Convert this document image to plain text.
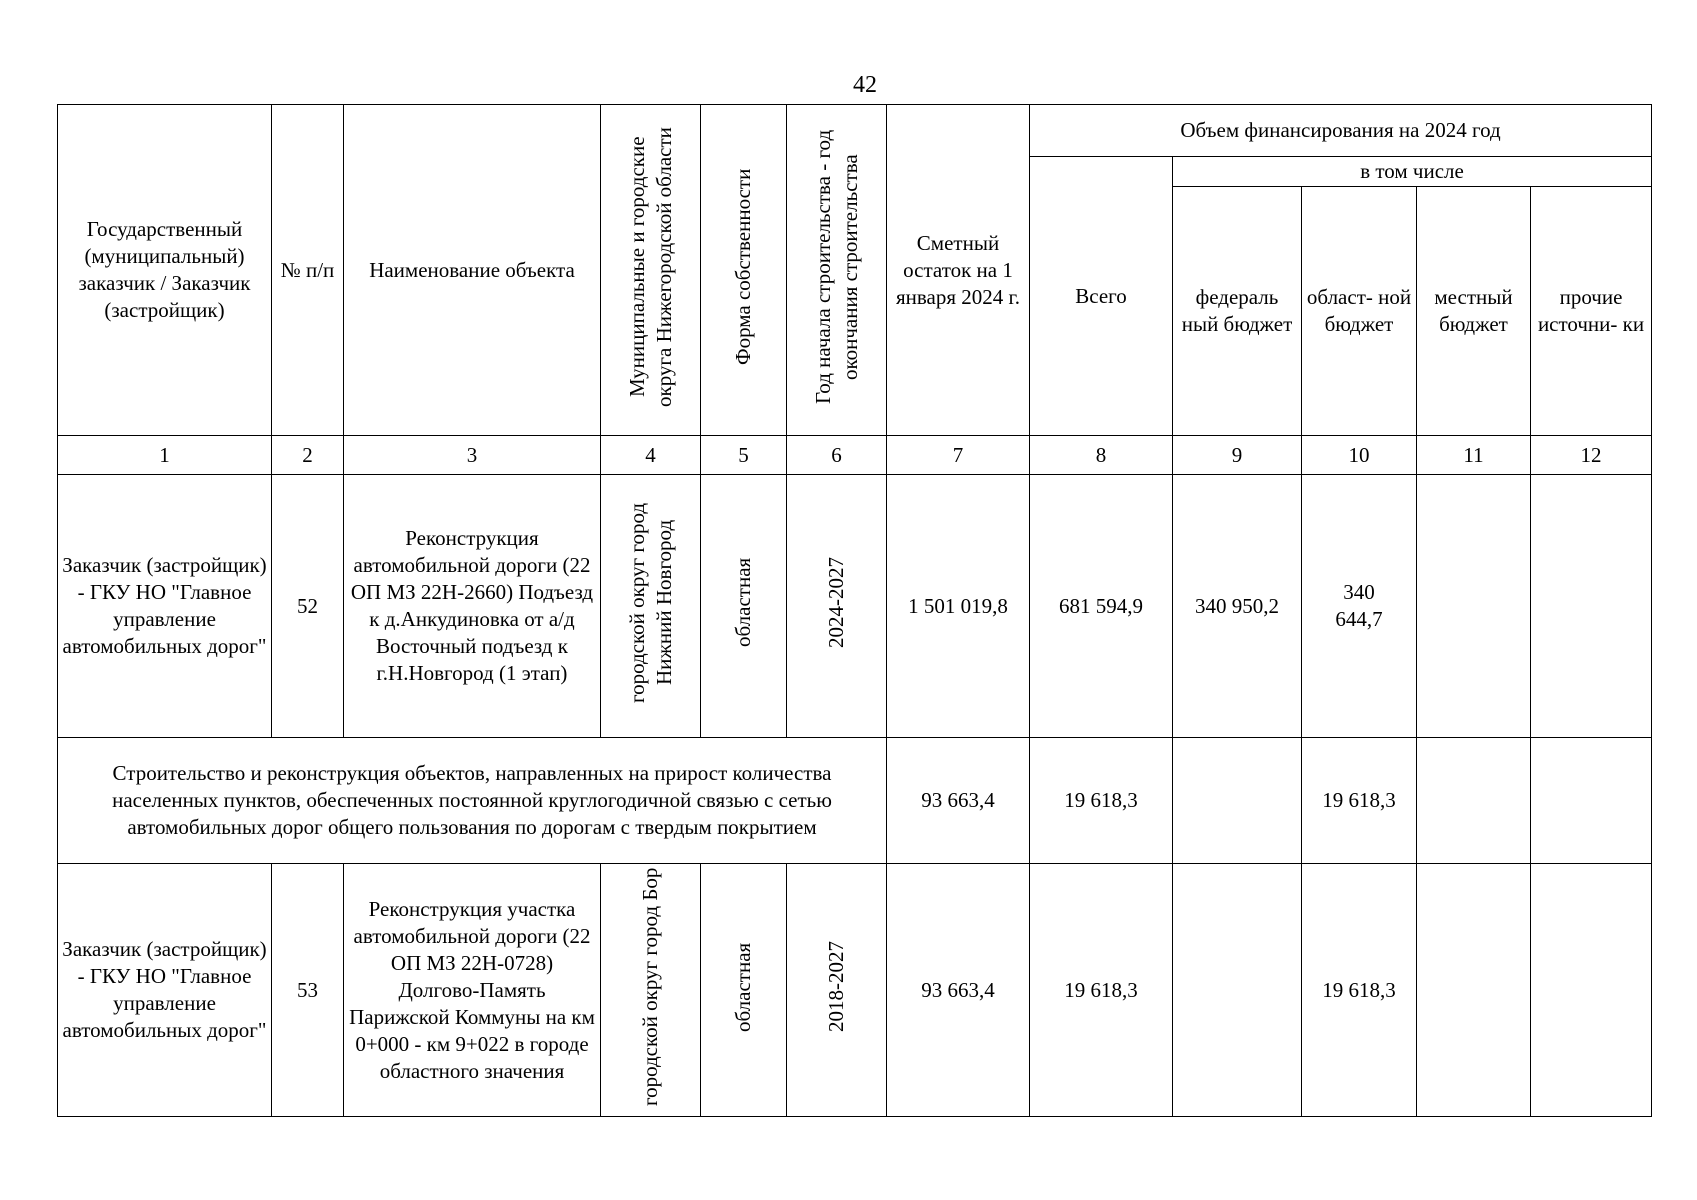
42
Государственный (муниципальный) заказчик / Заказчик (застройщик)	№ п/п	Наименование объекта	Муниципальные и городские округа Нижегородской области	Форма собственности	Год начала строительства - год окончания строительства	Сметный остаток на 1 января 2024 г.	Объем финансирования на 2024 год				
							Всего	в том числе			
								федераль ный бюджет	област- ной бюджет	местный бюджет	прочие источни- ки
1	2	3	4	5	6	7	8	9	10	11	12
Заказчик (застройщик) - ГКУ НО "Главное управление автомобильных дорог"	52	Реконструкция автомобильной дороги (22 ОП МЗ 22Н-2660) Подъезд к д.Анкудиновка от а/д Восточный подъезд к г.Н.Новгород (1 этап)	городской округ город Нижний Новгород	областная	2024-2027	1 501 019,8	681 594,9	340 950,2	340 644,7		
Строительство и реконструкция объектов, направленных на прирост количества населенных пунктов, обеспеченных постоянной круглогодичной связью с сетью автомобильных дорог общего пользования по дорогам с твердым покрытием						93 663,4	19 618,3		19 618,3		
Заказчик (застройщик) - ГКУ НО "Главное управление автомобильных дорог"	53	Реконструкция участка автомобильной дороги (22 ОП МЗ 22Н-0728) Долгово-Память Парижской Коммуны на км 0+000 - км 9+022 в городе областного значения	городской округ город Бор	областная	2018-2027	93 663,4	19 618,3		19 618,3		
